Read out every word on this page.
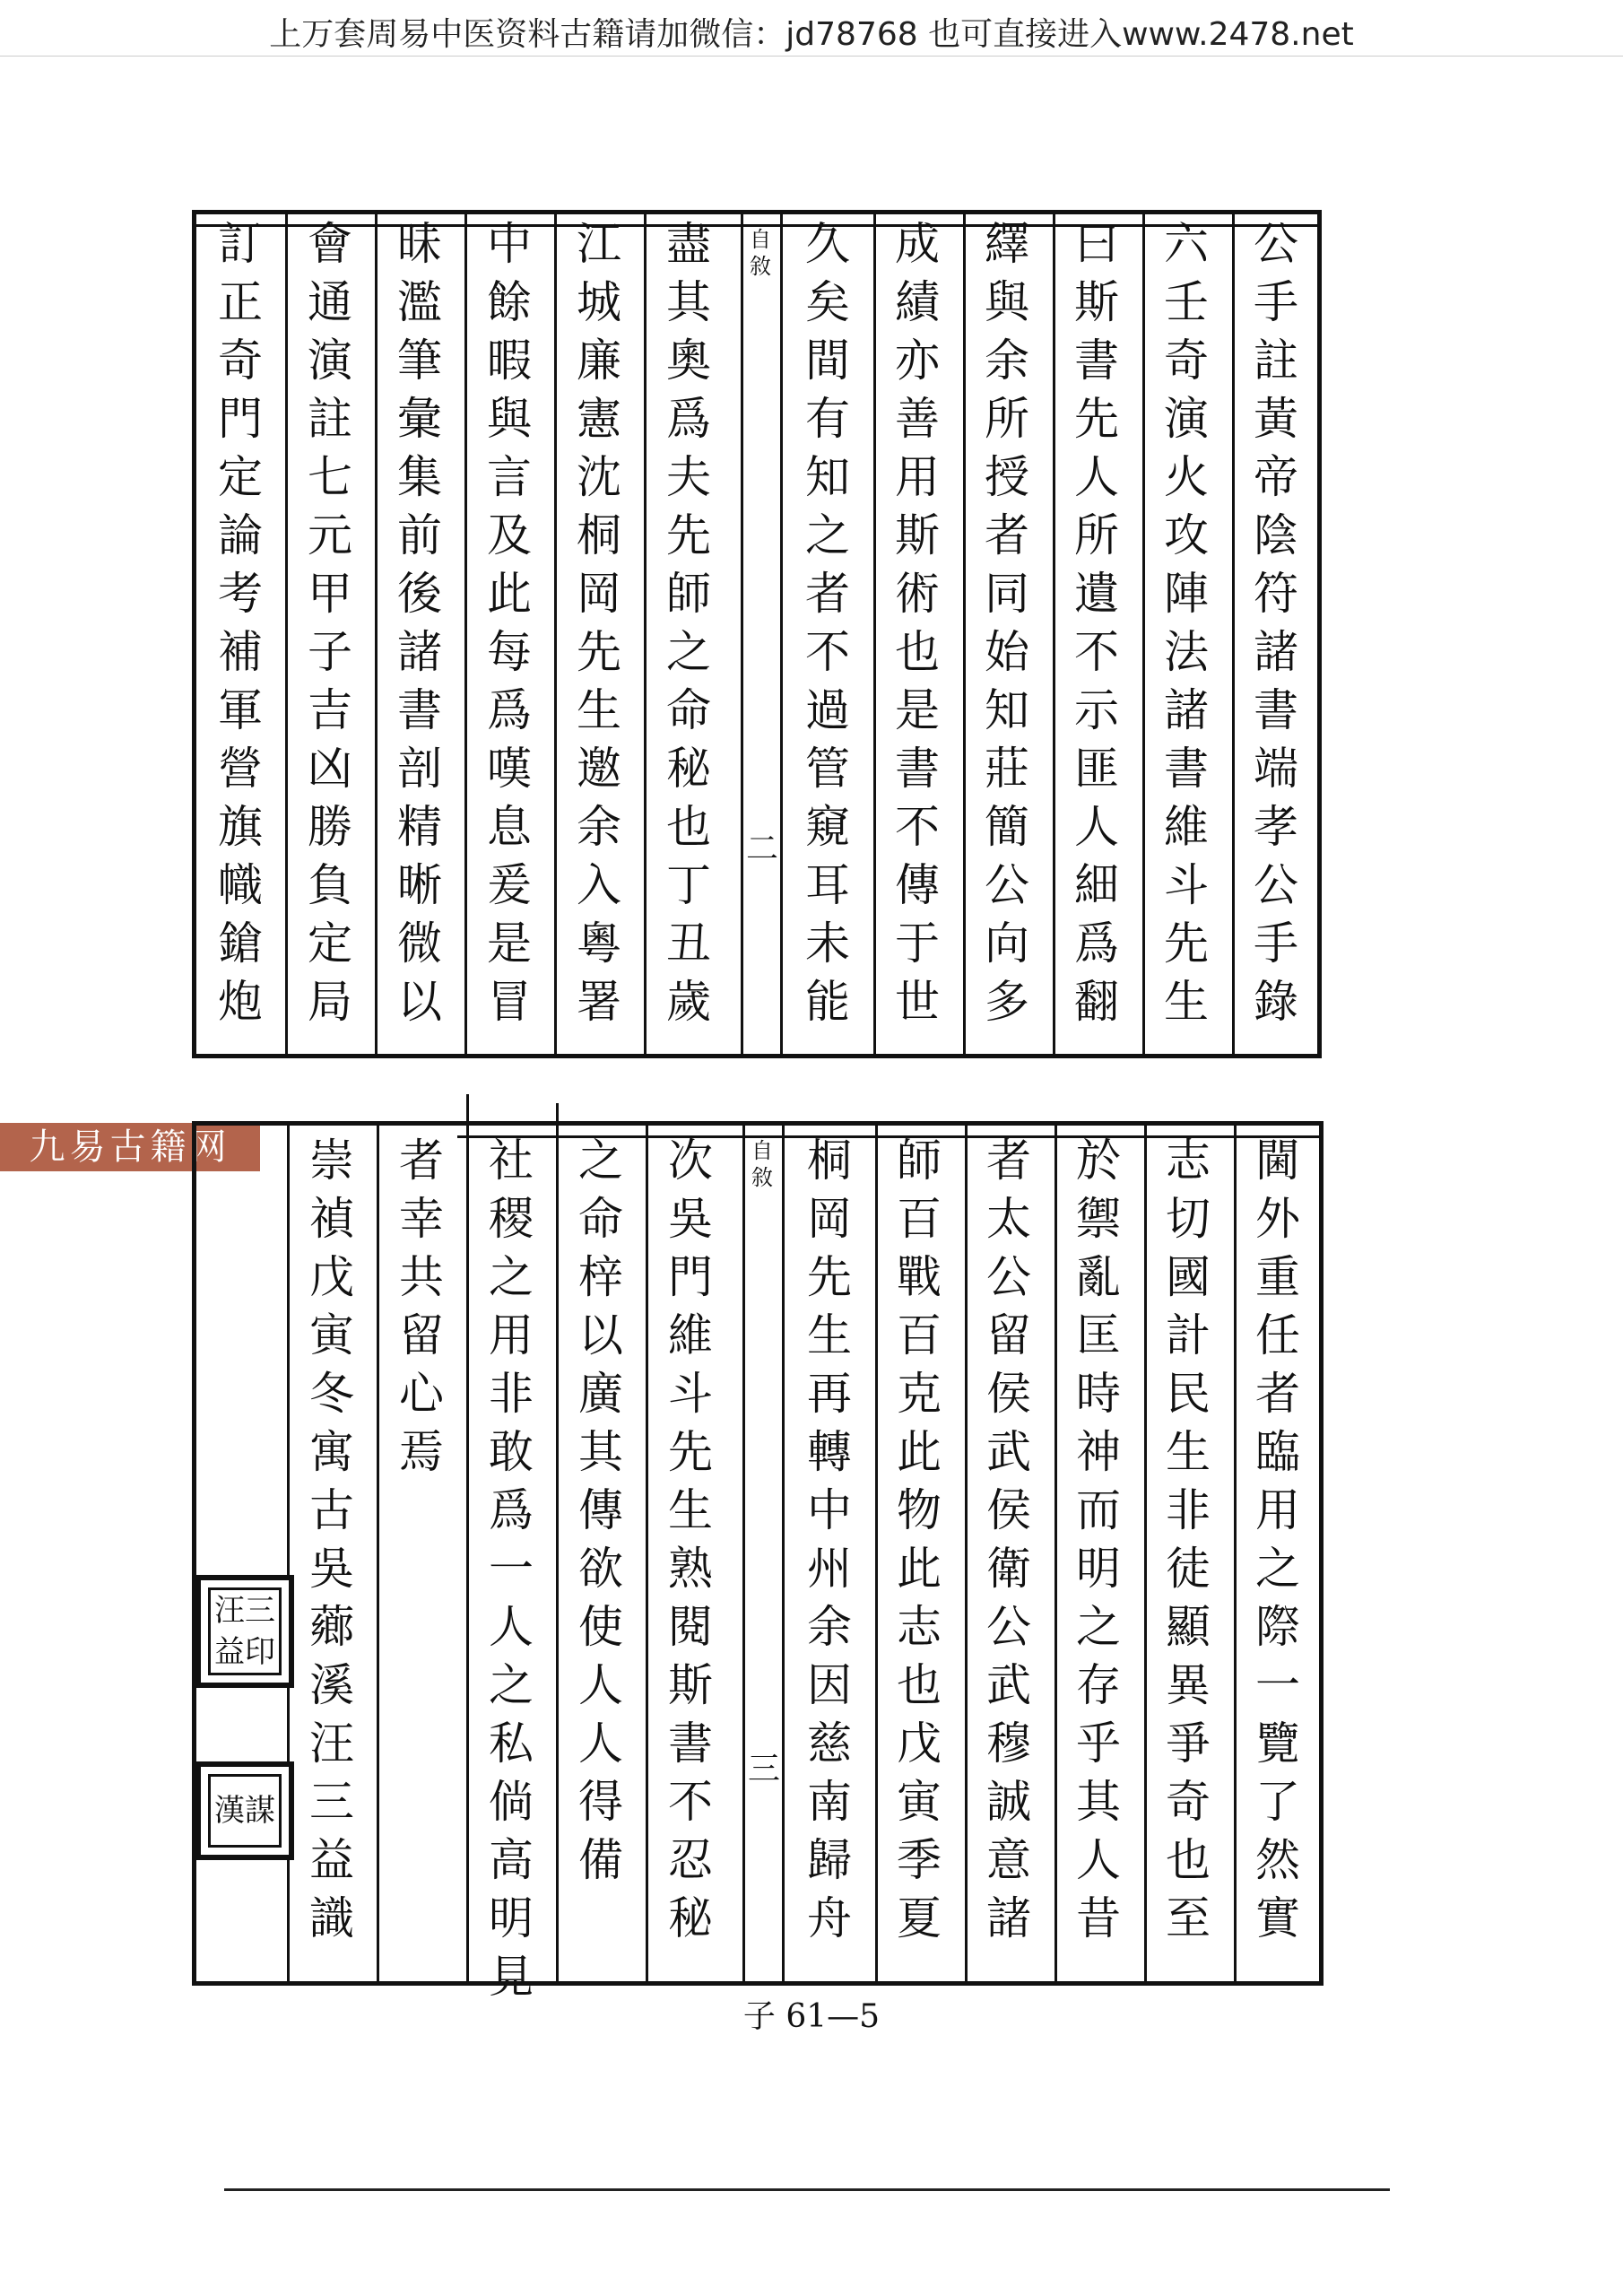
上万套周易中医资料古籍请加微信：jd78768 也可直接进入www.2478.net
公
手
註
黃
帝
陰
符
諸
書
端
孝
公
手
錄
六
壬
奇
演
火
攻
陣
法
諸
書
維
斗
先
生
曰
斯
書
先
人
所
遺
不
示
匪
人
細
爲
翻
繹
與
余
所
授
者
同
始
知
莊
簡
公
向
多
成
績
亦
善
用
斯
術
也
是
書
不
傳
于
世
久
矣
間
有
知
之
者
不
過
管
窺
耳
未
能
自
敘
二
盡
其
奧
爲
夫
先
師
之
命
秘
也
丁
丑
歲
江
城
廉
憲
沈
桐
岡
先
生
邀
余
入
粵
署
中
餘
暇
與
言
及
此
每
爲
嘆
息
爰
是
冒
昧
濫
筆
彙
集
前
後
諸
書
剖
精
晰
微
以
會
通
演
註
七
元
甲
子
吉
凶
勝
負
定
局
訂
正
奇
門
定
論
考
補
軍
營
旗
幟
鎗
炮
九易古籍网	閫
外
重
任
者
臨
用
之
際
一
覽
了
然
實
志
切
國
計
民
生
非
徒
顯
異
爭
奇
也
至
於
禦
亂
匡
時
神
而
明
之
存
乎
其
人
昔
者
太
公
留
侯
武
侯
衛
公
武
穆
誠
意
諸
師
百
戰
百
克
此
物
此
志
也
戊
寅
季
夏
桐
岡
先
生
再
轉
中
州
余
因
慈
南
歸
舟
自
敘
三
次
吳
門
維
斗
先
生
熟
閱
斯
書
不
忍
秘
之
命
梓
以
廣
其
傳
欲
使
人
人
得
備
社
稷
之
用
非
敢
爲
一
人
之
私
倘
高
明
見
者
幸
共
留
心
焉
崇
禎
戊
寅
冬
寓
古
吳
薌
溪
汪
三
益
識
汪 三
益 印
漢 謀
子 61—5
